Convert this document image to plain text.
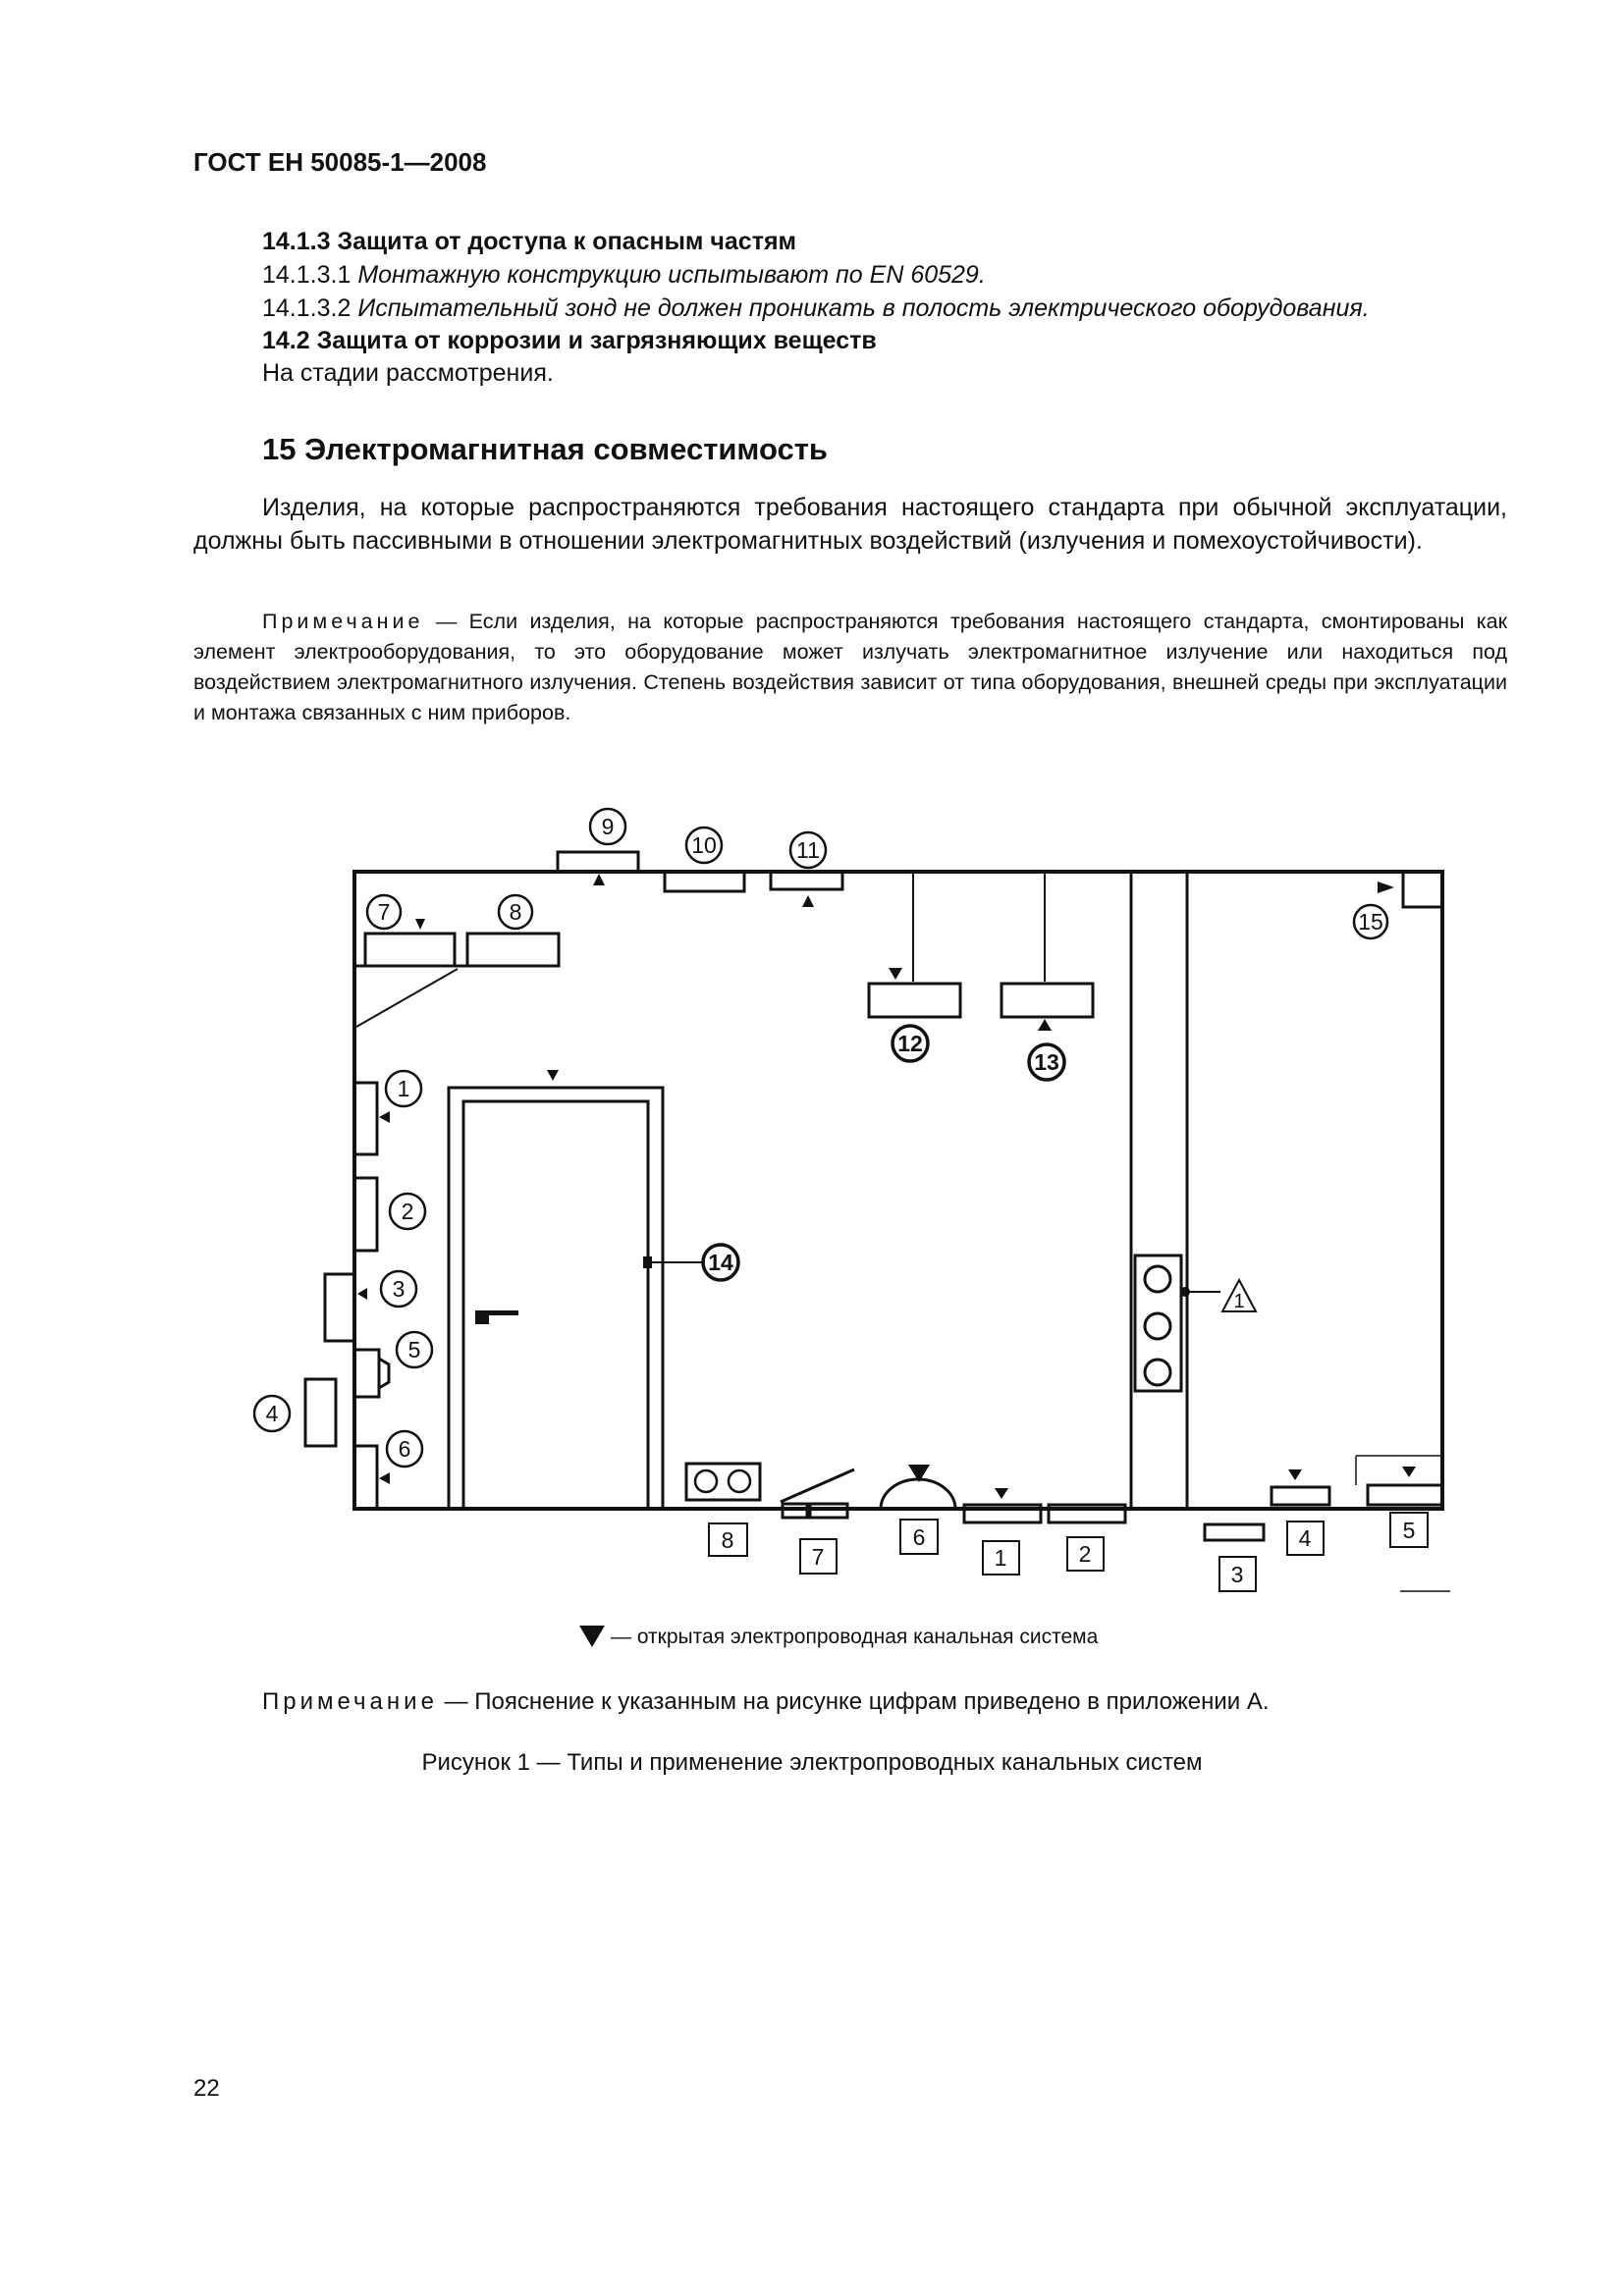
ГОСТ ЕН 50085-1—2008
14.1.3 Защита от доступа к опасным частям
14.1.3.1 Монтажную конструкцию испытывают по EN 60529.
14.1.3.2 Испытательный зонд не должен проникать в полость электрического оборудования.
14.2 Защита от коррозии и загрязняющих веществ
На стадии рассмотрения.
15 Электромагнитная совместимость
Изделия, на которые распространяются требования настоящего стандарта при обычной эксплуатации, должны быть пассивными в отношении электромагнитных воздействий (излучения и помехоустойчивости).
Примечание — Если изделия, на которые распространяются требования настоящего стандарта, смонтированы как элемент электрооборудования, то это оборудование может излучать электромагнитное излучение или находиться под воздействием электромагнитного излучения. Степень воздействия зависит от типа оборудования, внешней среды при эксплуатации и монтажа связанных с ним приборов.
9
10	11
7	8	15
12
13
1
2
3
5
4
6
14
1
8
7
6
1	2
3
4	5
— открытая электропроводная канальная система
Примечание — Пояснение к указанным на рисунке цифрам приведено в приложении А.
Рисунок 1 — Типы и применение электропроводных канальных систем
22
